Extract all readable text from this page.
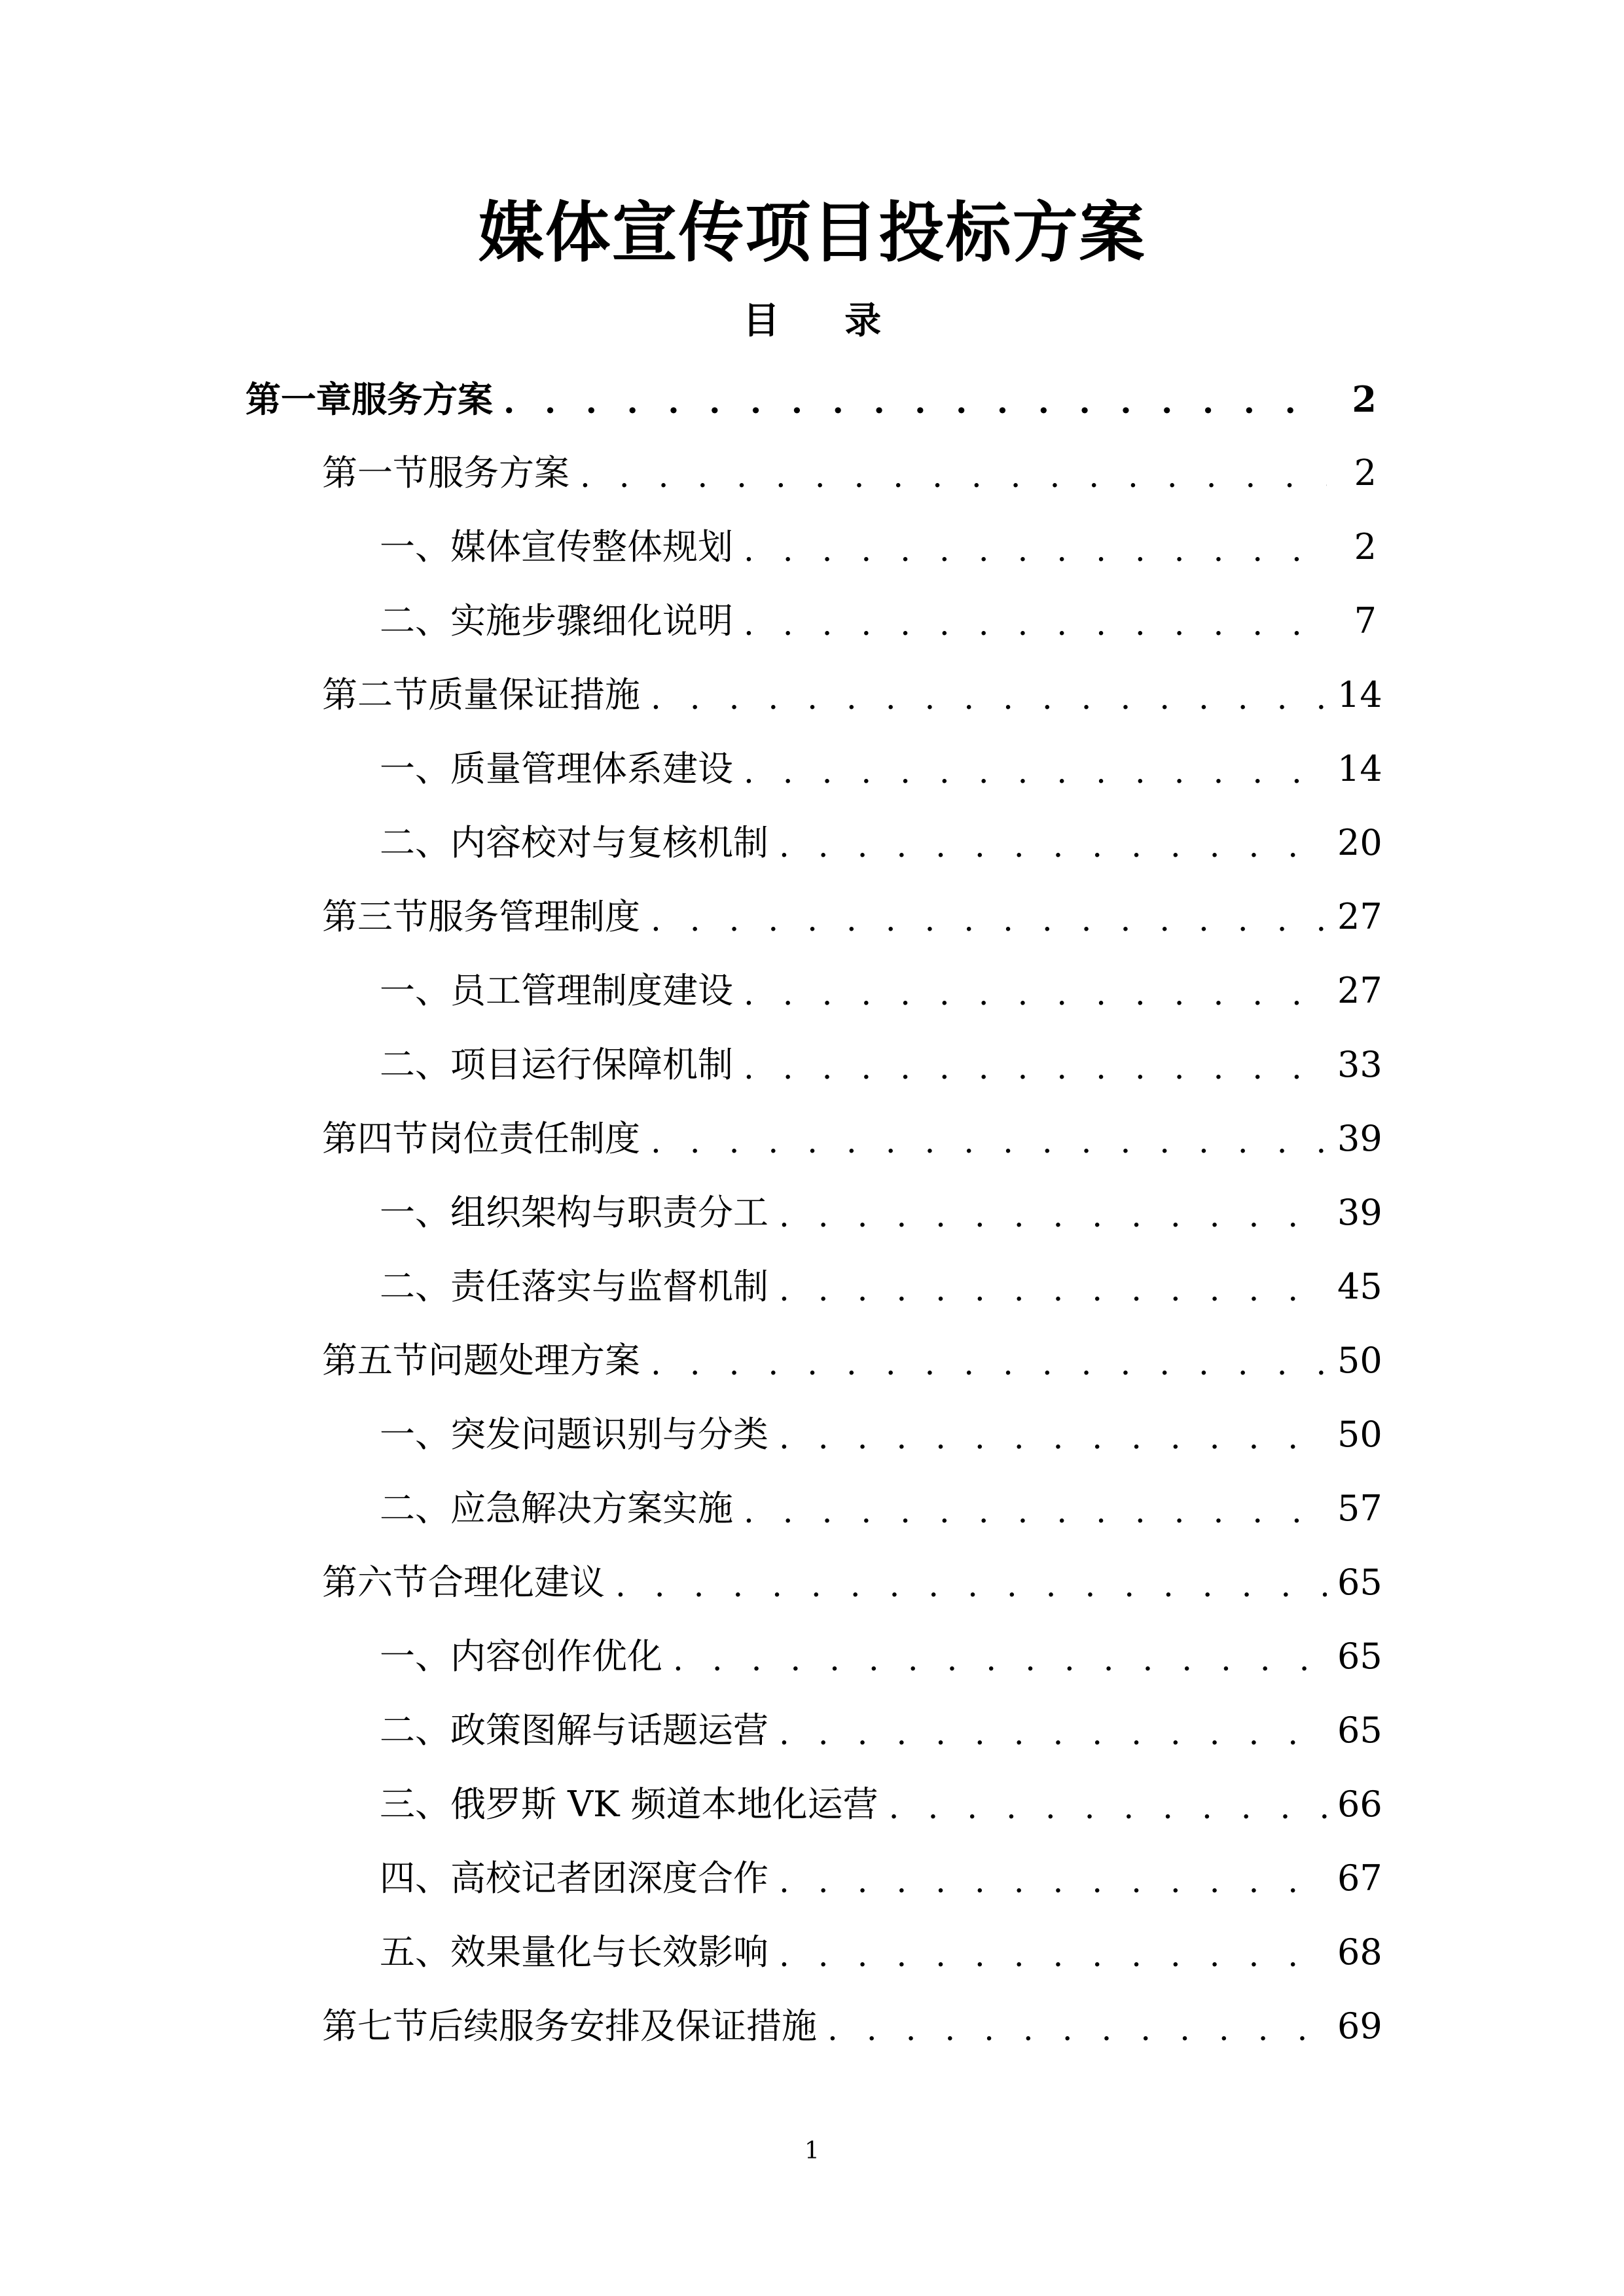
媒体宣传项目投标方案
目 录
第一章 服务方案 . . .	2
第一节 服务方案 . . .	2
一、 媒体宣传整体规划 . . .	2
二、 实施步骤细化说明 . . .	7
第二节 质量保证措施 . . .	14
一、 质量管理体系建设 . . .	14
二、 内容校对与复核机制 . . .	20
第三节 服务管理制度 . . .	27
一、 员工管理制度建设 . . .	27
二、 项目运行保障机制 . . .	33
第四节 岗位责任制度 . . .	39
一、 组织架构与职责分工 . . .	39
二、 责任落实与监督机制 . . .	45
第五节 问题处理方案 . . .	50
一、 突发问题识别与分类 . . .	50
二、 应急解决方案实施 . . .	57
第六节 合理化建议 . . .	65
一、 内容创作优化 . . .	65
二、 政策图解与话题运营 . . .	65
三、 俄罗斯 VK 频道本地化运营 . . .	66
四、 高校记者团深度合作 . . .	67
五、 效果量化与长效影响 . . .	68
第七节 后续服务安排及保证措施 . . .	69
1
